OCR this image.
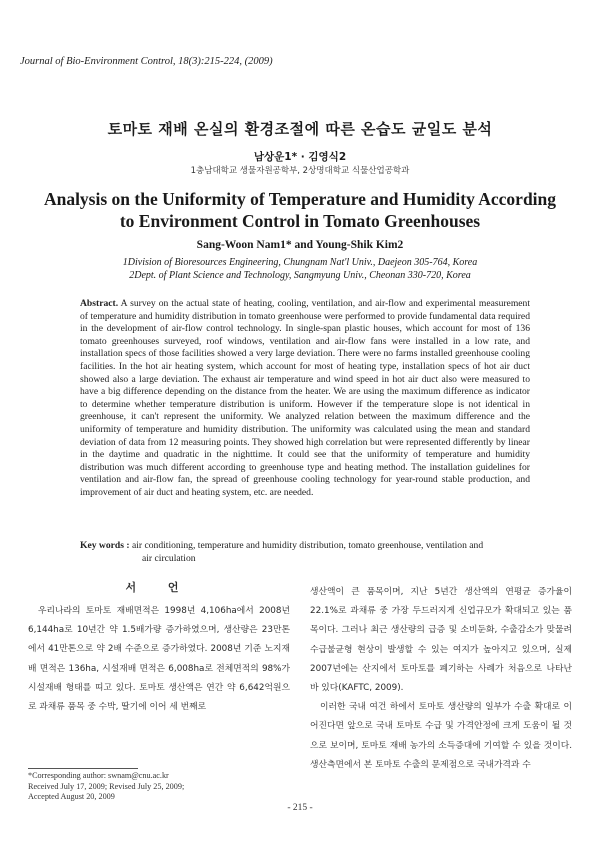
Journal of Bio-Environment Control, 18(3):215-224, (2009)
토마토 재배 온실의 환경조절에 따른 온습도 균일도 분석
남상운1* · 김영식2
1충남대학교 생물자원공학부, 2상명대학교 식물산업공학과
Analysis on the Uniformity of Temperature and Humidity According
to Environment Control in Tomato Greenhouses
Sang-Woon Nam1* and Young-Shik Kim2
1Division of Bioresources Engineering, Chungnam Nat'l Univ., Daejeon 305-764, Korea
2Dept. of Plant Science and Technology, Sangmyung Univ., Cheonan 330-720, Korea
Abstract. A survey on the actual state of heating, cooling, ventilation, and air-flow and experimental measurement of temperature and humidity distribution in tomato greenhouse were performed to provide fundamental data required in the development of air-flow control technology. In single-span plastic houses, which account for most of 136 tomato greenhouses surveyed, roof windows, ventilation and air-flow fans were installed in a low rate, and installation specs of those facilities showed a very large deviation. There were no farms installed greenhouse cooling facilities. In the hot air heating system, which account for most of heating type, installation specs of hot air duct showed also a large deviation. The exhaust air temperature and wind speed in hot air duct also were measured to have a big difference depending on the distance from the heater. We are using the maximum difference as indicator to determine whether temperature distribution is uniform. However if the temperature slope is not identical in greenhouse, it can't represent the uniformity. We analyzed relation between the maximum difference and the uniformity of temperature and humidity distribution. The uniformity was calculated using the mean and standard deviation of data from 12 measuring points. They showed high correlation but were represented differently by linear in the daytime and quadratic in the nighttime. It could see that the uniformity of temperature and humidity distribution was much different according to greenhouse type and heating method. The installation guidelines for ventilation and air-flow fan, the spread of greenhouse cooling technology for year-round stable production, and improvement of air duct and heating system, etc. are needed.
Key words : air conditioning, temperature and humidity distribution, tomato greenhouse, ventilation and
air circulation
서 언

우리나라의 토마토 재배면적은 1998년 4,106ha에서 2008년 6,144ha로 10년간 약 1.5배가량 증가하였으며, 생산량은 23만톤에서 41만톤으로 약 2배 수준으로 증가하였다. 2008년 기준 노지재배 면적은 136ha, 시설재배 면적은 6,008ha로 전체면적의 98%가 시설재배 형태를 띠고 있다. 토마토 생산액은 연간 약 6,642억원으로 과채류 품목 중 수박, 딸기에 이어 세 번째로

생산액이 큰 품목이며, 지난 5년간 생산액의 연평균 증가율이 22.1%로 과채류 중 가장 두드러지게 신업규모가 확대되고 있는 품목이다. 그러나 최근 생산량의 급증 및 소비둔화, 수출감소가 맞물려 수급불균형 현상이 발생할 수 있는 여지가 높아지고 있으며, 실제 2007년에는 산지에서 토마토를 폐기하는 사례가 처음으로 나타난 바 있다(KAFTC, 2009).

이러한 국내 여건 하에서 토마토 생산량의 일부가 수출 확대로 이어진다면 앞으로 국내 토마토 수급 및 가격안정에 크게 도움이 될 것으로 보이며, 토마토 재배 농가의 소득증대에 기여할 수 있을 것이다. 생산측면에서 본 토마토 수출의 문제점으로 국내가격과 수

*Corresponding author: swnam@cnu.ac.kr
Received July 17, 2009; Revised July 25, 2009;
Accepted August 20, 2009
- 215 -
